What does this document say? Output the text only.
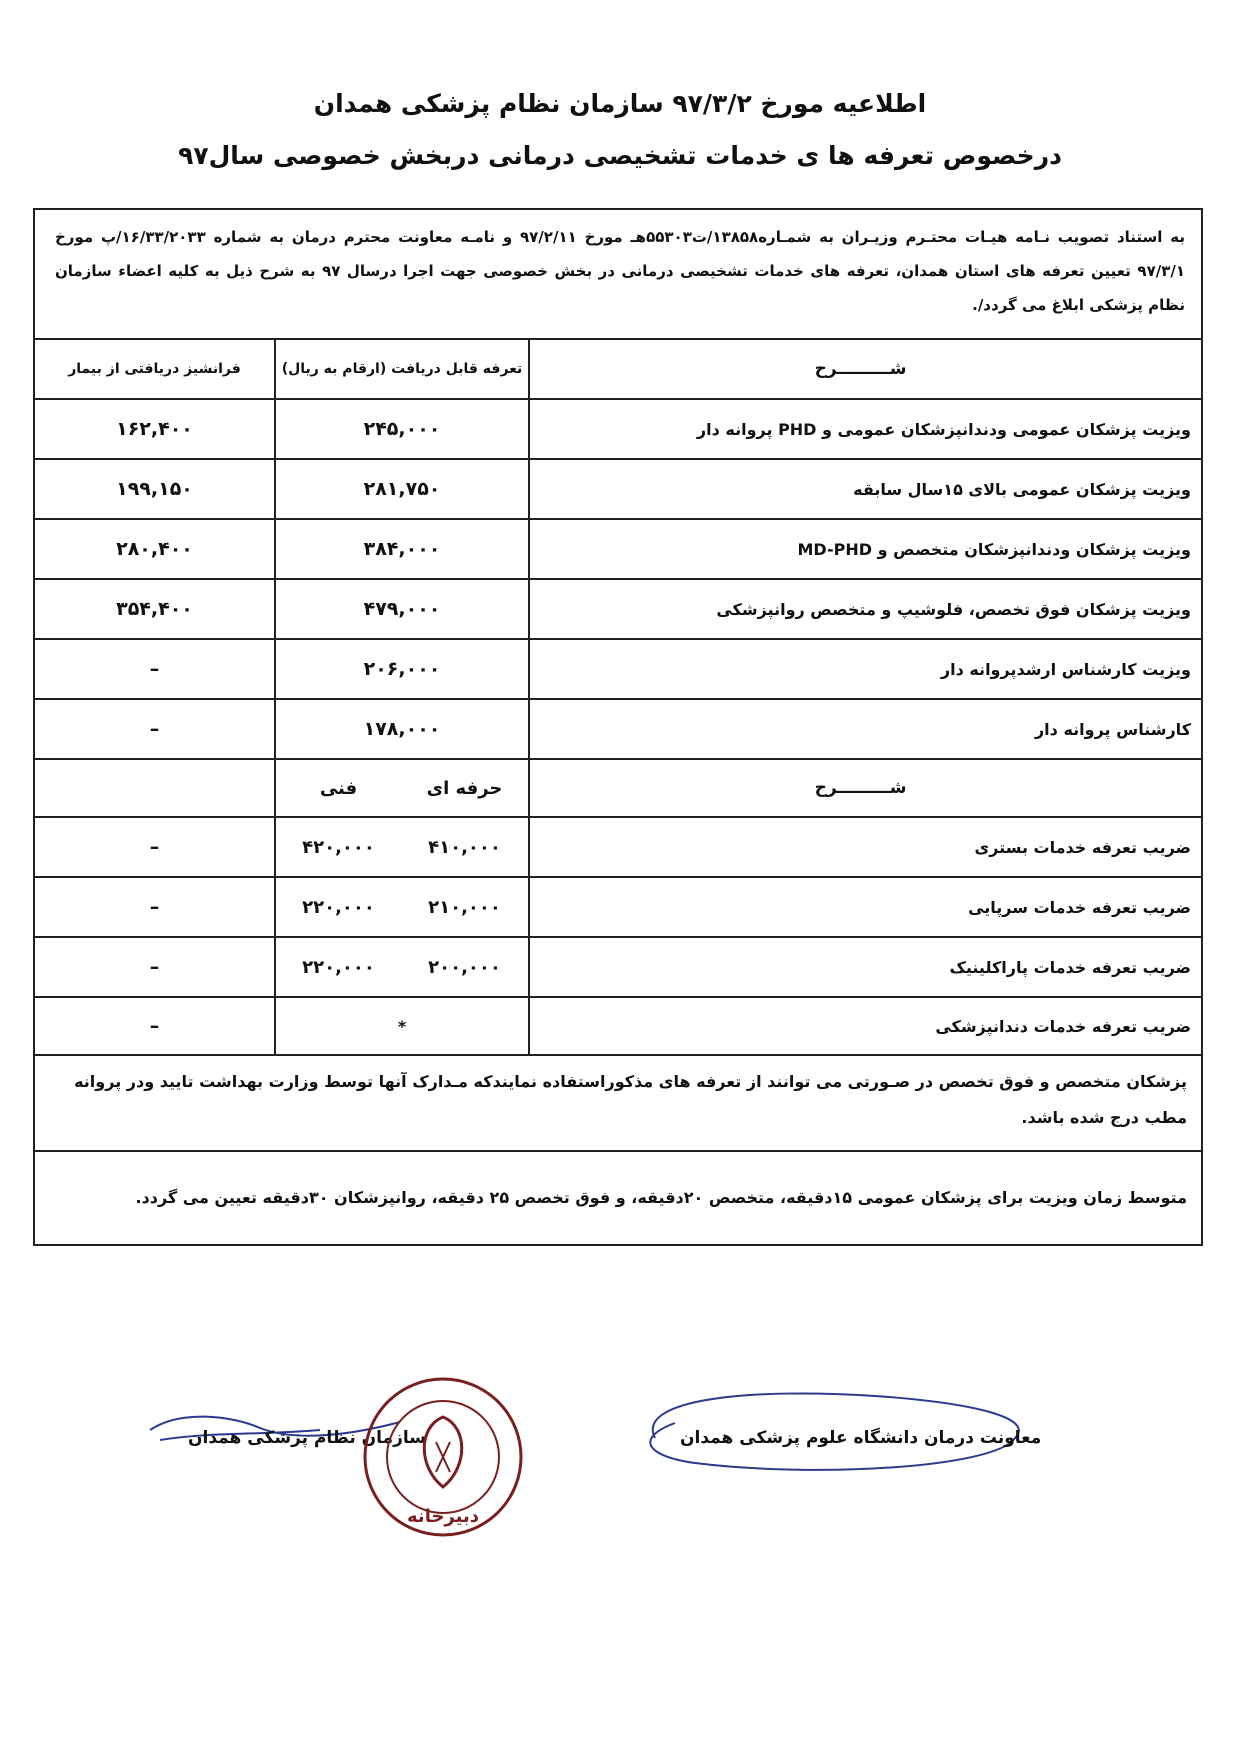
اطلاعیه مورخ ۹۷/۳/۲ سازمان نظام پزشکی همدان
درخصوص تعرفه ها ی خدمات تشخیصی درمانی دربخش خصوصی سال۹۷
به استناد تصویب نـامه هیـات محتـرم وزیـران به شمـاره۱۳۸۵۸/ت۵۵۳۰۳هـ مورخ ۹۷/۲/۱۱ و نامـه معاونت محترم درمان به شماره ۱۶/۳۳/۲۰۳۳/پ مورخ ۹۷/۳/۱ تعیین تعرفه های استان همدان، تعرفه های خدمات تشخیصی درمانی در بخش خصوصی جهت اجرا درسال ۹۷ به شرح ذیل به کلیه اعضاء سازمان نظام پزشکی ابلاغ می گردد/.
شـــــــــرح
تعرفه قابل دریافت (ارقام به ریال)
فرانشیز دریافتی از بیمار
ویزیت پزشکان عمومی ودندانپزشکان عمومی و PHD پروانه دار
۲۴۵,۰۰۰
۱۶۲,۴۰۰
ویزیت پزشکان عمومی بالای ۱۵سال سابقه
۲۸۱,۷۵۰
۱۹۹,۱۵۰
ویزیت پزشکان ودندانپزشکان متخصص و MD-PHD
۳۸۴,۰۰۰
۲۸۰,۴۰۰
ویزیت پزشکان فوق تخصص، فلوشیپ و متخصص روانپزشکی
۴۷۹,۰۰۰
۳۵۴,۴۰۰
ویزیت کارشناس ارشدپروانه دار
۲۰۶,۰۰۰
–
کارشناس پروانه دار
۱۷۸,۰۰۰
–
شـــــــــرح
حرفه ای
فنی
ضریب تعرفه خدمات بستری
۴۱۰,۰۰۰
۴۲۰,۰۰۰
–
ضریب تعرفه خدمات سرپایی
۲۱۰,۰۰۰
۲۲۰,۰۰۰
–
ضریب تعرفه خدمات پاراکلینیک
۲۰۰,۰۰۰
۲۲۰,۰۰۰
–
ضریب تعرفه خدمات دندانپزشکی
*
–
پزشکان متخصص و فوق تخصص در صـورتی می توانند از تعرفه های مذکوراستفاده نمایندکه مـدارک آنها توسط وزارت بهداشت تایید ودر پروانه مطب درج شده باشد.
متوسط زمان ویزیت برای پزشکان عمومی ۱۵دقیقه، متخصص ۲۰دقیقه، و فوق تخصص ۲۵ دقیقه، روانپزشکان ۳۰دقیقه تعیین می گردد.
سازمان نظام پزشکی همدان
دبیرخانه
معاونت درمان دانشگاه علوم پزشکی همدان
